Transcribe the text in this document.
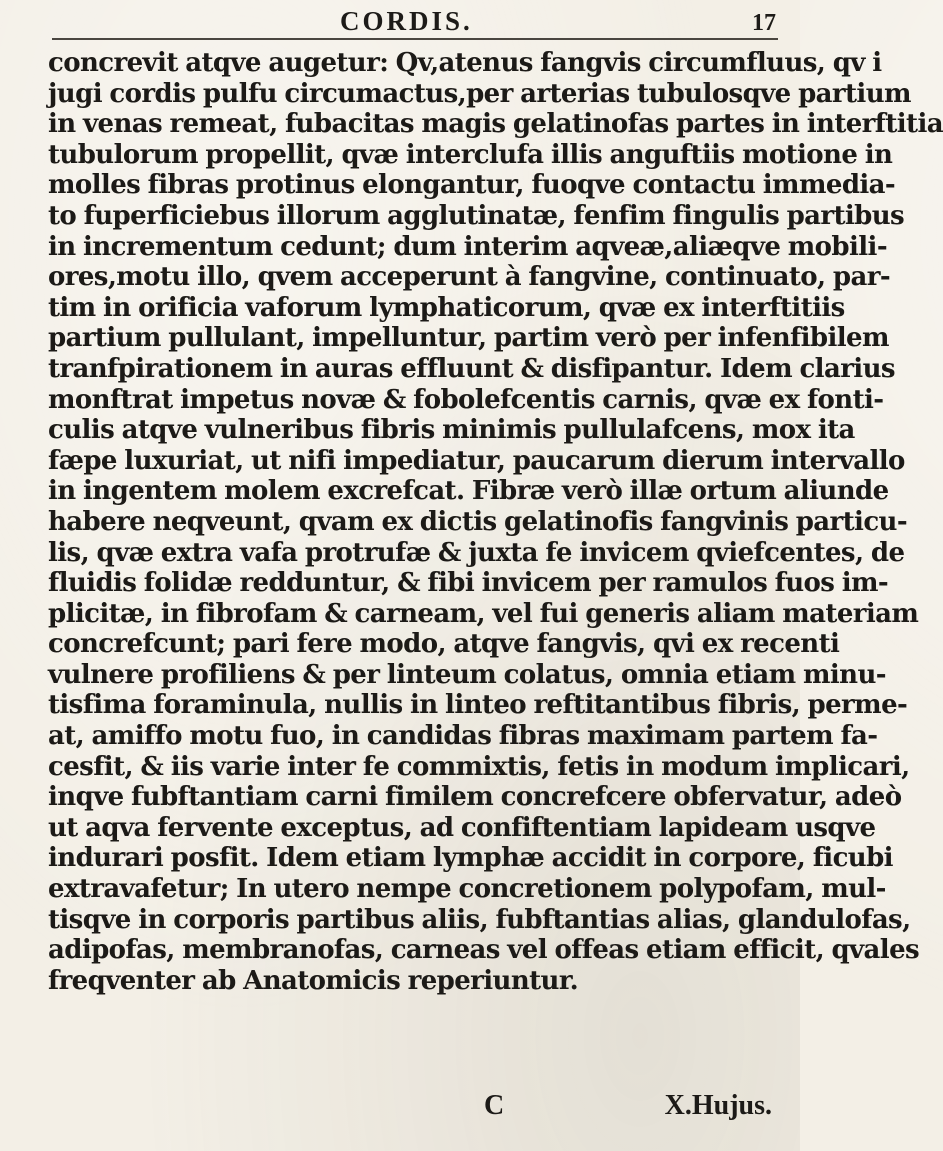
CORDIS.	17
concrevit atqve augetur: Qv,atenus fangvis circumfluus, qv i
jugi cordis pulfu circumactus,per arterias tubulosqve partium
in venas remeat, fubacitas magis gelatinofas partes in interftitia
tubulorum propellit, qvæ interclufa illis anguftiis motione in
molles fibras protinus elongantur, fuoqve contactu immedia-
to fuperficiebus illorum agglutinatæ, fenfim fingulis partibus
in incrementum cedunt; dum interim aqveæ,aliæqve mobili-
ores,motu illo, qvem acceperunt à fangvine, continuato, par-
tim in orificia vaforum lymphaticorum, qvæ ex interftitiis
partium pullulant, impelluntur, partim verò per infenfibilem
tranfpirationem in auras effluunt & disfipantur. Idem clarius
monftrat impetus novæ & fobolefcentis carnis, qvæ ex fonti-
culis atqve vulneribus fibris minimis pullulafcens, mox ita
fæpe luxuriat, ut nifi impediatur, paucarum dierum intervallo
in ingentem molem excrefcat. Fibræ verò illæ ortum aliunde
habere neqveunt, qvam ex dictis gelatinofis fangvinis particu-
lis, qvæ extra vafa protrufæ & juxta fe invicem qviefcentes, de
fluidis folidæ redduntur, & fibi invicem per ramulos fuos im-
plicitæ, in fibrofam & carneam, vel fui generis aliam materiam
concrefcunt; pari fere modo, atqve fangvis, qvi ex recenti
vulnere profiliens & per linteum colatus, omnia etiam minu-
tisfima foraminula, nullis in linteo reftitantibus fibris, perme-
at, amiffo motu fuo, in candidas fibras maximam partem fa-
cesfit, & iis varie inter fe commixtis, fetis in modum implicari,
inqve fubftantiam carni fimilem concrefcere obfervatur, adeò
ut aqva fervente exceptus, ad confiftentiam lapideam usqve
indurari posfit. Idem etiam lymphæ accidit in corpore, ficubi
extravafetur; In utero nempe concretionem polypofam, mul-
tisqve in corporis partibus aliis, fubftantias alias, glandulofas,
adipofas, membranofas, carneas vel offeas etiam efficit, qvales
freqventer ab Anatomicis reperiuntur.
C	X.Hujus.
